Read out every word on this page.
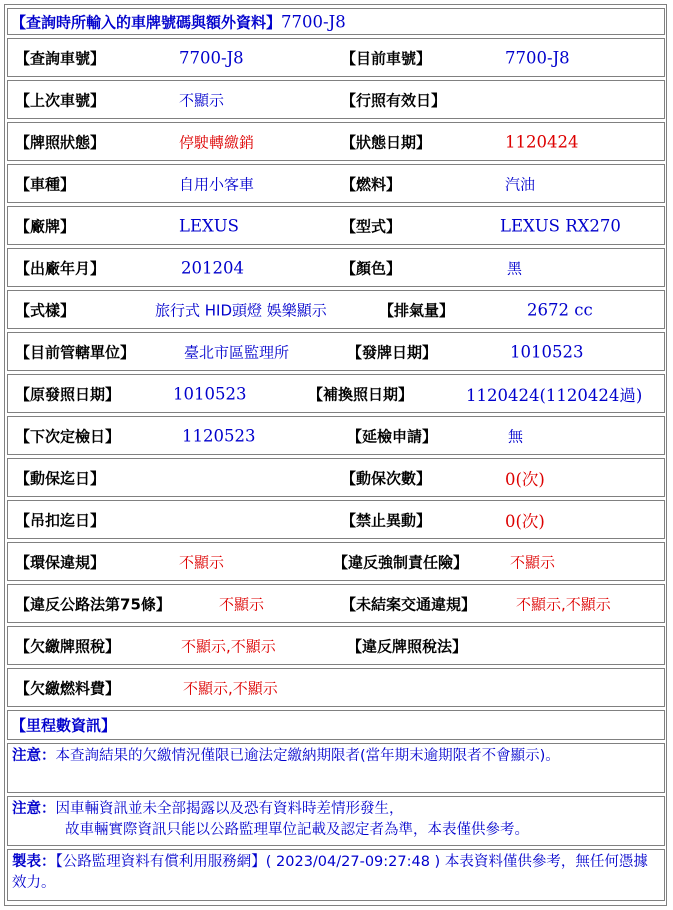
【查詢時所輸入的車牌號碼與額外資料】7700-J8
【查詢車號】	7700-J8	【目前車號】	7700-J8
【上次車號】	不顯示	【行照有效日】
【牌照狀態】	停駛轉繳銷	【狀態日期】	1120424
【車種】	自用小客車	【燃料】	汽油
【廠牌】	LEXUS	【型式】	LEXUS RX270
【出廠年月】	201204	【顏色】	黑
【式樣】	旅行式 HID頭燈 娛樂顯示	【排氣量】	2672 cc
【目前管轄單位】	臺北市區監理所	【發牌日期】	1010523
【原發照日期】	1010523	【補換照日期】	1120424(1120424過)
【下次定檢日】	1120523	【延檢申請】	無
【動保迄日】	【動保次數】	0(次)
【吊扣迄日】	【禁止異動】	0(次)
【環保違規】	不顯示	【違反強制責任險】	不顯示
【違反公路法第75條】	不顯示	【未結案交通違規】	不顯示,不顯示
【欠繳牌照稅】	不顯示,不顯示	【違反牌照稅法】
【欠繳燃料費】	不顯示,不顯示
【里程數資訊】
注意：本查詢結果的欠繳情況僅限已逾法定繳納期限者(當年期末逾期限者不會顯示)。
注意：因車輛資訊並未全部揭露以及恐有資料時差情形發生，
故車輛實際資訊只能以公路監理單位記載及認定者為準，本表僅供參考。
製表：【公路監理資料有償利用服務網】( 2023/04/27-09:27:48 ) 本表資料僅供參考，無任何憑據效力。
